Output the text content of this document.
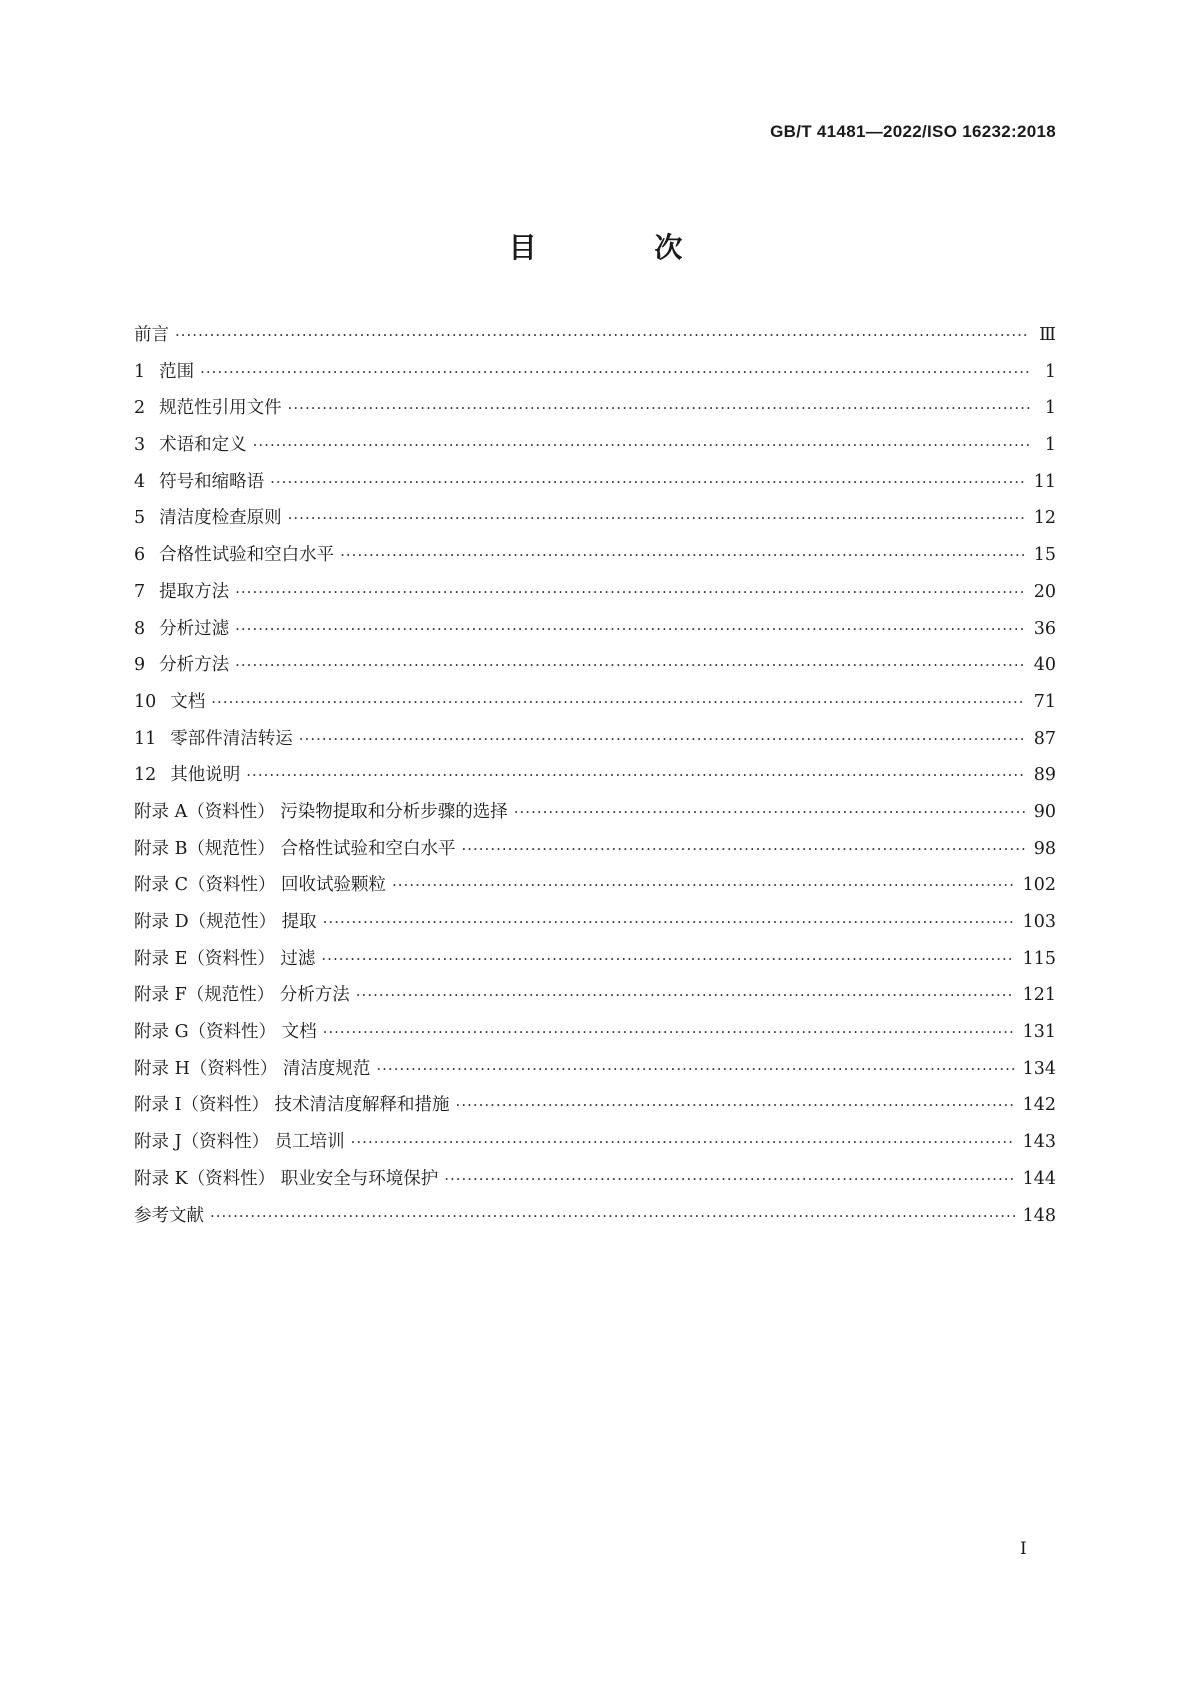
GB/T 41481—2022/ISO 16232:2018
目 次
前言 ·····	Ⅲ
1 范围 ·····	1
2 规范性引用文件 ·····	1
3 术语和定义 ·····	1
4 符号和缩略语 ·····	11
5 清洁度检查原则 ·····	12
6 合格性试验和空白水平 ·····	15
7 提取方法 ·····	20
8 分析过滤 ·····	36
9 分析方法 ·····	40
10 文档 ·····	71
11 零部件清洁转运 ·····	87
12 其他说明 ·····	89
附录 A（资料性） 污染物提取和分析步骤的选择 ·····	90
附录 B（规范性） 合格性试验和空白水平 ·····	98
附录 C（资料性） 回收试验颗粒 ·····	102
附录 D（规范性） 提取 ·····	103
附录 E（资料性） 过滤 ·····	115
附录 F（规范性） 分析方法 ·····	121
附录 G（资料性） 文档 ·····	131
附录 H（资料性） 清洁度规范 ·····	134
附录 I（资料性） 技术清洁度解释和措施 ·····	142
附录 J（资料性） 员工培训 ·····	143
附录 K（资料性） 职业安全与环境保护 ·····	144
参考文献 ·····	148
I
